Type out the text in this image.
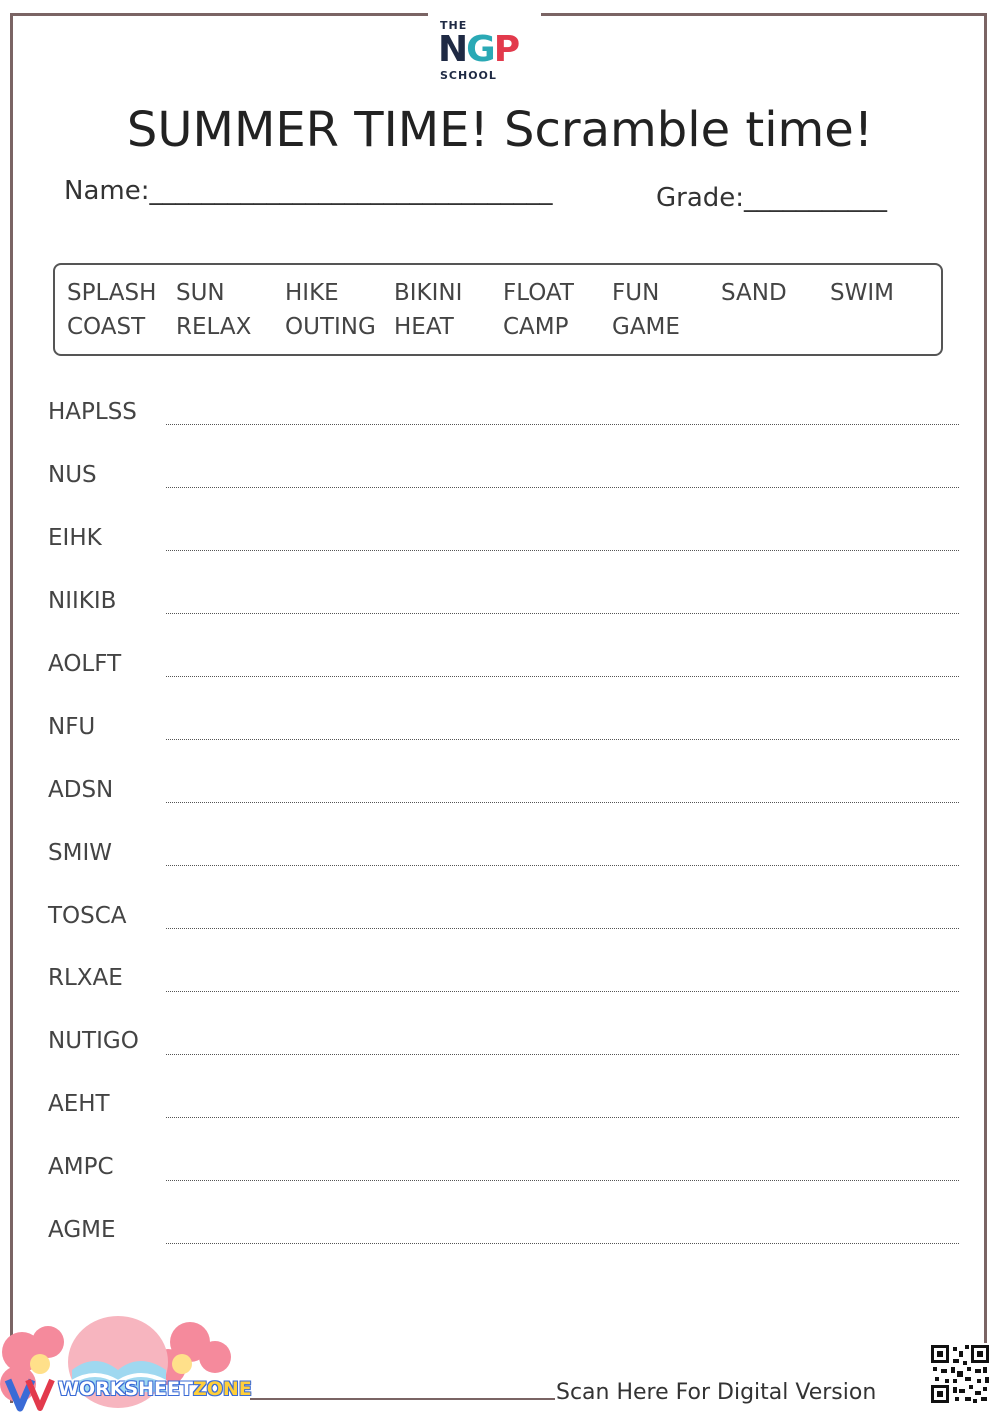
THE
NGP
SCHOOL
SUMMER TIME! Scramble time!
Name:_______________________________	Grade:___________
SPLASH SUN	HIKE BIKINI FLOAT FUN	SAND SWIM
COAST RELAX OUTING HEAT CAMP GAME
HAPLSS
NUS
EIHK
NIIKIB
AOLFT
NFU
ADSN
SMIW
TOSCA
RLXAE
NUTIGO
AEHT
AMPC
AGME
WORKSHEETZONE	Scan Here For Digital Version
